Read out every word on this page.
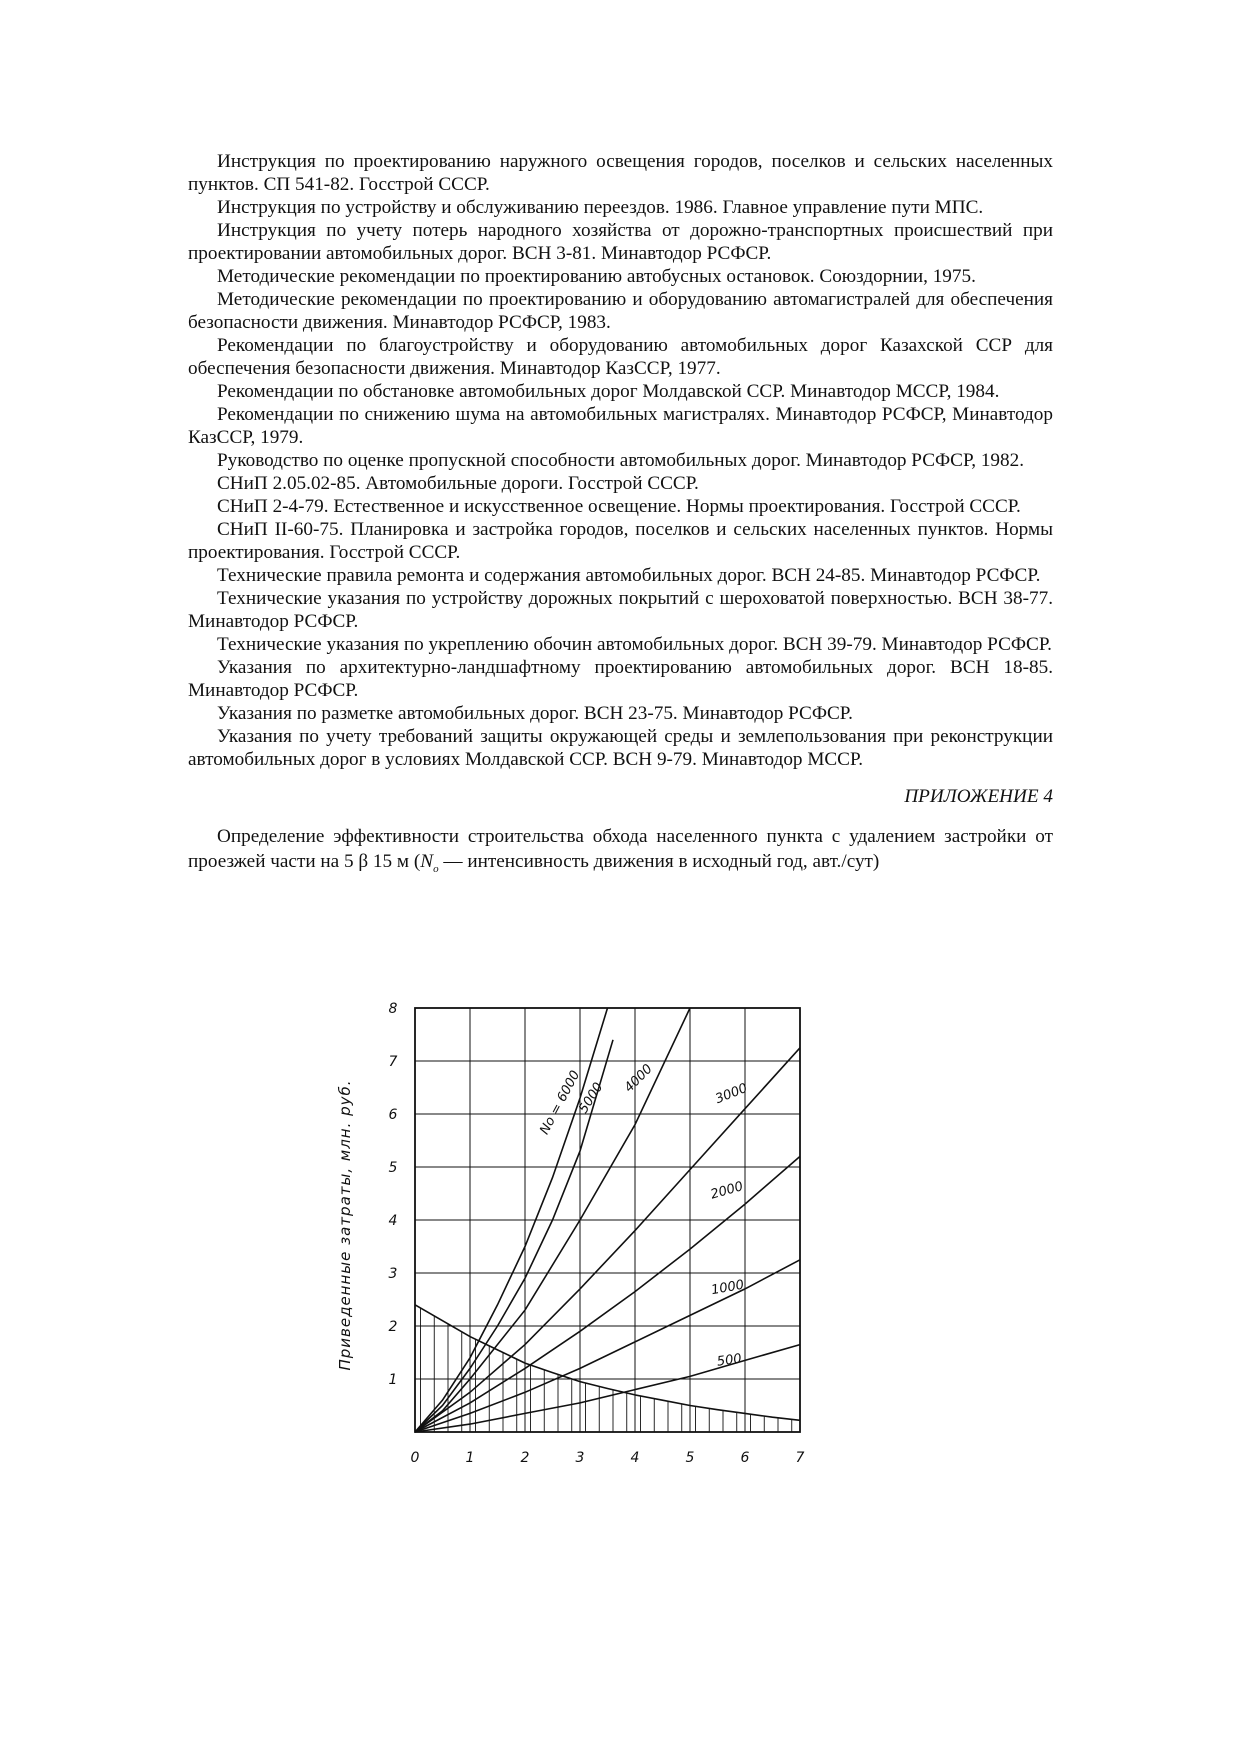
Инструкция по проектированию наружного освещения городов, поселков и сельских населенных пунктов. СП 541-82. Госстрой СССР.

Инструкция по устройству и обслуживанию переездов. 1986. Главное управление пути МПС.

Инструкция по учету потерь народного хозяйства от дорожно-транспортных происшествий при проектировании автомобильных дорог. ВСН 3-81. Минавтодор РСФСР.

Методические рекомендации по проектированию автобусных остановок. Союздорнии, 1975.

Методические рекомендации по проектированию и оборудованию автомагистралей для обеспечения безопасности движения. Минавтодор РСФСР, 1983.

Рекомендации по благоустройству и оборудованию автомобильных дорог Казахской ССР для обеспечения безопасности движения. Минавтодор КазССР, 1977.

Рекомендации по обстановке автомобильных дорог Молдавской ССР. Минавтодор МССР, 1984.

Рекомендации по снижению шума на автомобильных магистралях. Минавтодор РСФСР, Минавтодор КазССР, 1979.

Руководство по оценке пропускной способности автомобильных дорог. Минавтодор РСФСР, 1982.

СНиП 2.05.02-85. Автомобильные дороги. Госстрой СССР.

СНиП 2-4-79. Естественное и искусственное освещение. Нормы проектирования. Госстрой СССР.

СНиП II-60-75. Планировка и застройка городов, поселков и сельских населенных пунктов. Нормы проектирования. Госстрой СССР.

Технические правила ремонта и содержания автомобильных дорог. ВСН 24-85. Минавтодор РСФСР.

Технические указания по устройству дорожных покрытий с шероховатой поверхностью. ВСН 38-77. Минавтодор РСФСР.

Технические указания по укреплению обочин автомобильных дорог. ВСН 39-79. Минавтодор РСФСР.

Указания по архитектурно-ландшафтному проектированию автомобильных дорог. ВСН 18-85. Минавтодор РСФСР.

Указания по разметке автомобильных дорог. ВСН 23-75. Минавтодор РСФСР.

Указания по учету требований защиты окружающей среды и землепользования при реконструкции автомобильных дорог в условиях Молдавской ССР. ВСН 9-79. Минавтодор МССР.

ПРИЛОЖЕНИЕ 4

Определение эффективности строительства обхода населенного пункта с удалением застройки от проезжей части на 5 β 15 м ($N_o$ — интенсивность движения в исходный год, авт./сут)

No = 6000
5000
4000	3000
2000
1000
500
0	1	2	3	4	5	6	7
1
2
3
4
5
6
7
8
Приведенные затраты, млн. руб.
